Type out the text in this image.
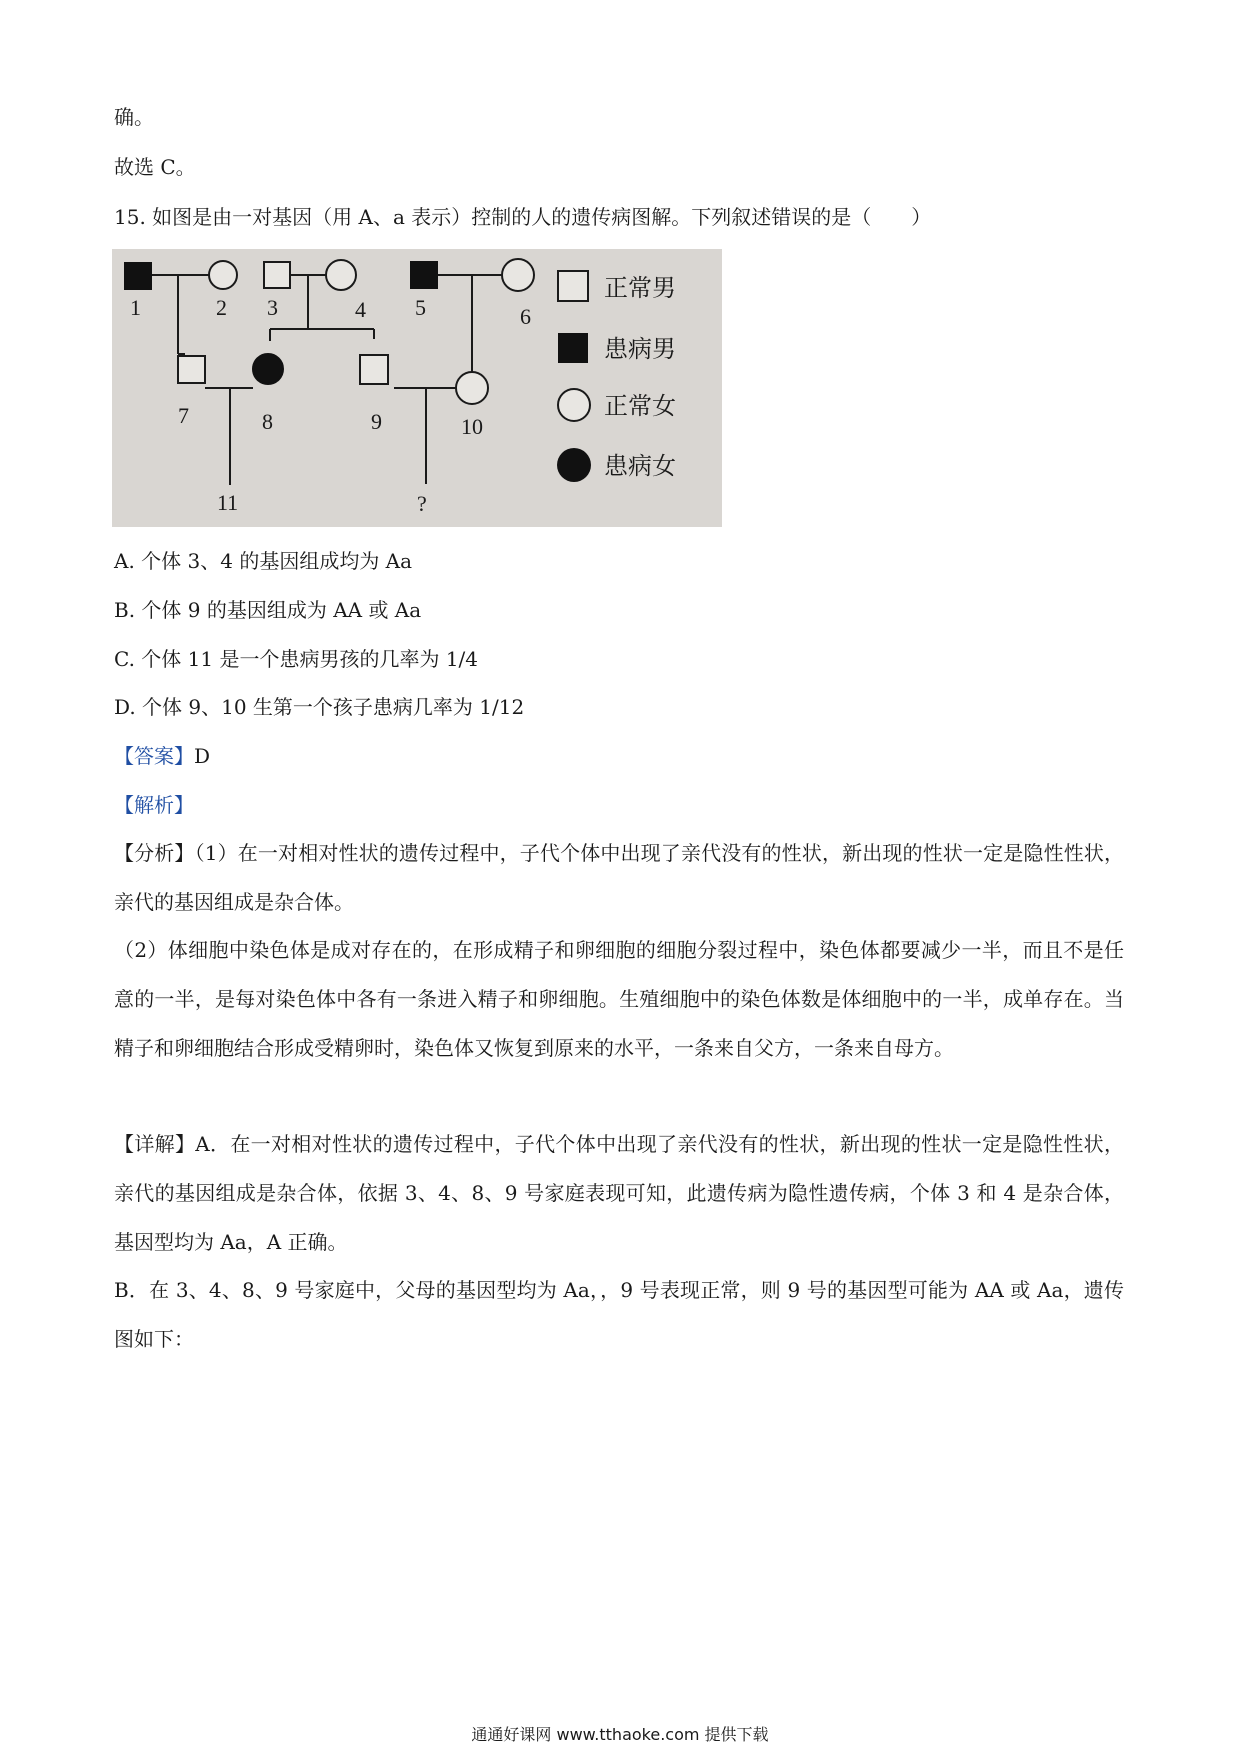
确。
故选 C。
15. 如图是由一对基因（用 A、a 表示）控制的人的遗传病图解。下列叙述错误的是（　　）
1	2 3	4 5	6
7	8	9	10
11	?
正常男
患病男
正常女
患病女
A. 个体 3、4 的基因组成均为 Aa
B. 个体 9 的基因组成为 AA 或 Aa
C. 个体 11 是一个患病男孩的几率为 1/4
D. 个体 9、10 生第一个孩子患病几率为 1/12
【答案】D
【解析】
【分析】（1）在一对相对性状的遗传过程中，子代个体中出现了亲代没有的性状，新出现的性状一定是隐性性状，亲代的基因组成是杂合体。
（2）体细胞中染色体是成对存在的，在形成精子和卵细胞的细胞分裂过程中，染色体都要减少一半，而且不是任意的一半，是每对染色体中各有一条进入精子和卵细胞。生殖细胞中的染色体数是体细胞中的一半，成单存在。当精子和卵细胞结合形成受精卵时，染色体又恢复到原来的水平，一条来自父方，一条来自母方。
【详解】A．在一对相对性状的遗传过程中，子代个体中出现了亲代没有的性状，新出现的性状一定是隐性性状，亲代的基因组成是杂合体，依据 3、4、8、9 号家庭表现可知，此遗传病为隐性遗传病，个体 3 和 4 是杂合体，基因型均为 Aa，A 正确。
B．在 3、4、8、9 号家庭中，父母的基因型均为 Aa，，9 号表现正常，则 9 号的基因型可能为 AA 或 Aa，遗传图如下：
通通好课网 www.tthaoke.com 提供下载
